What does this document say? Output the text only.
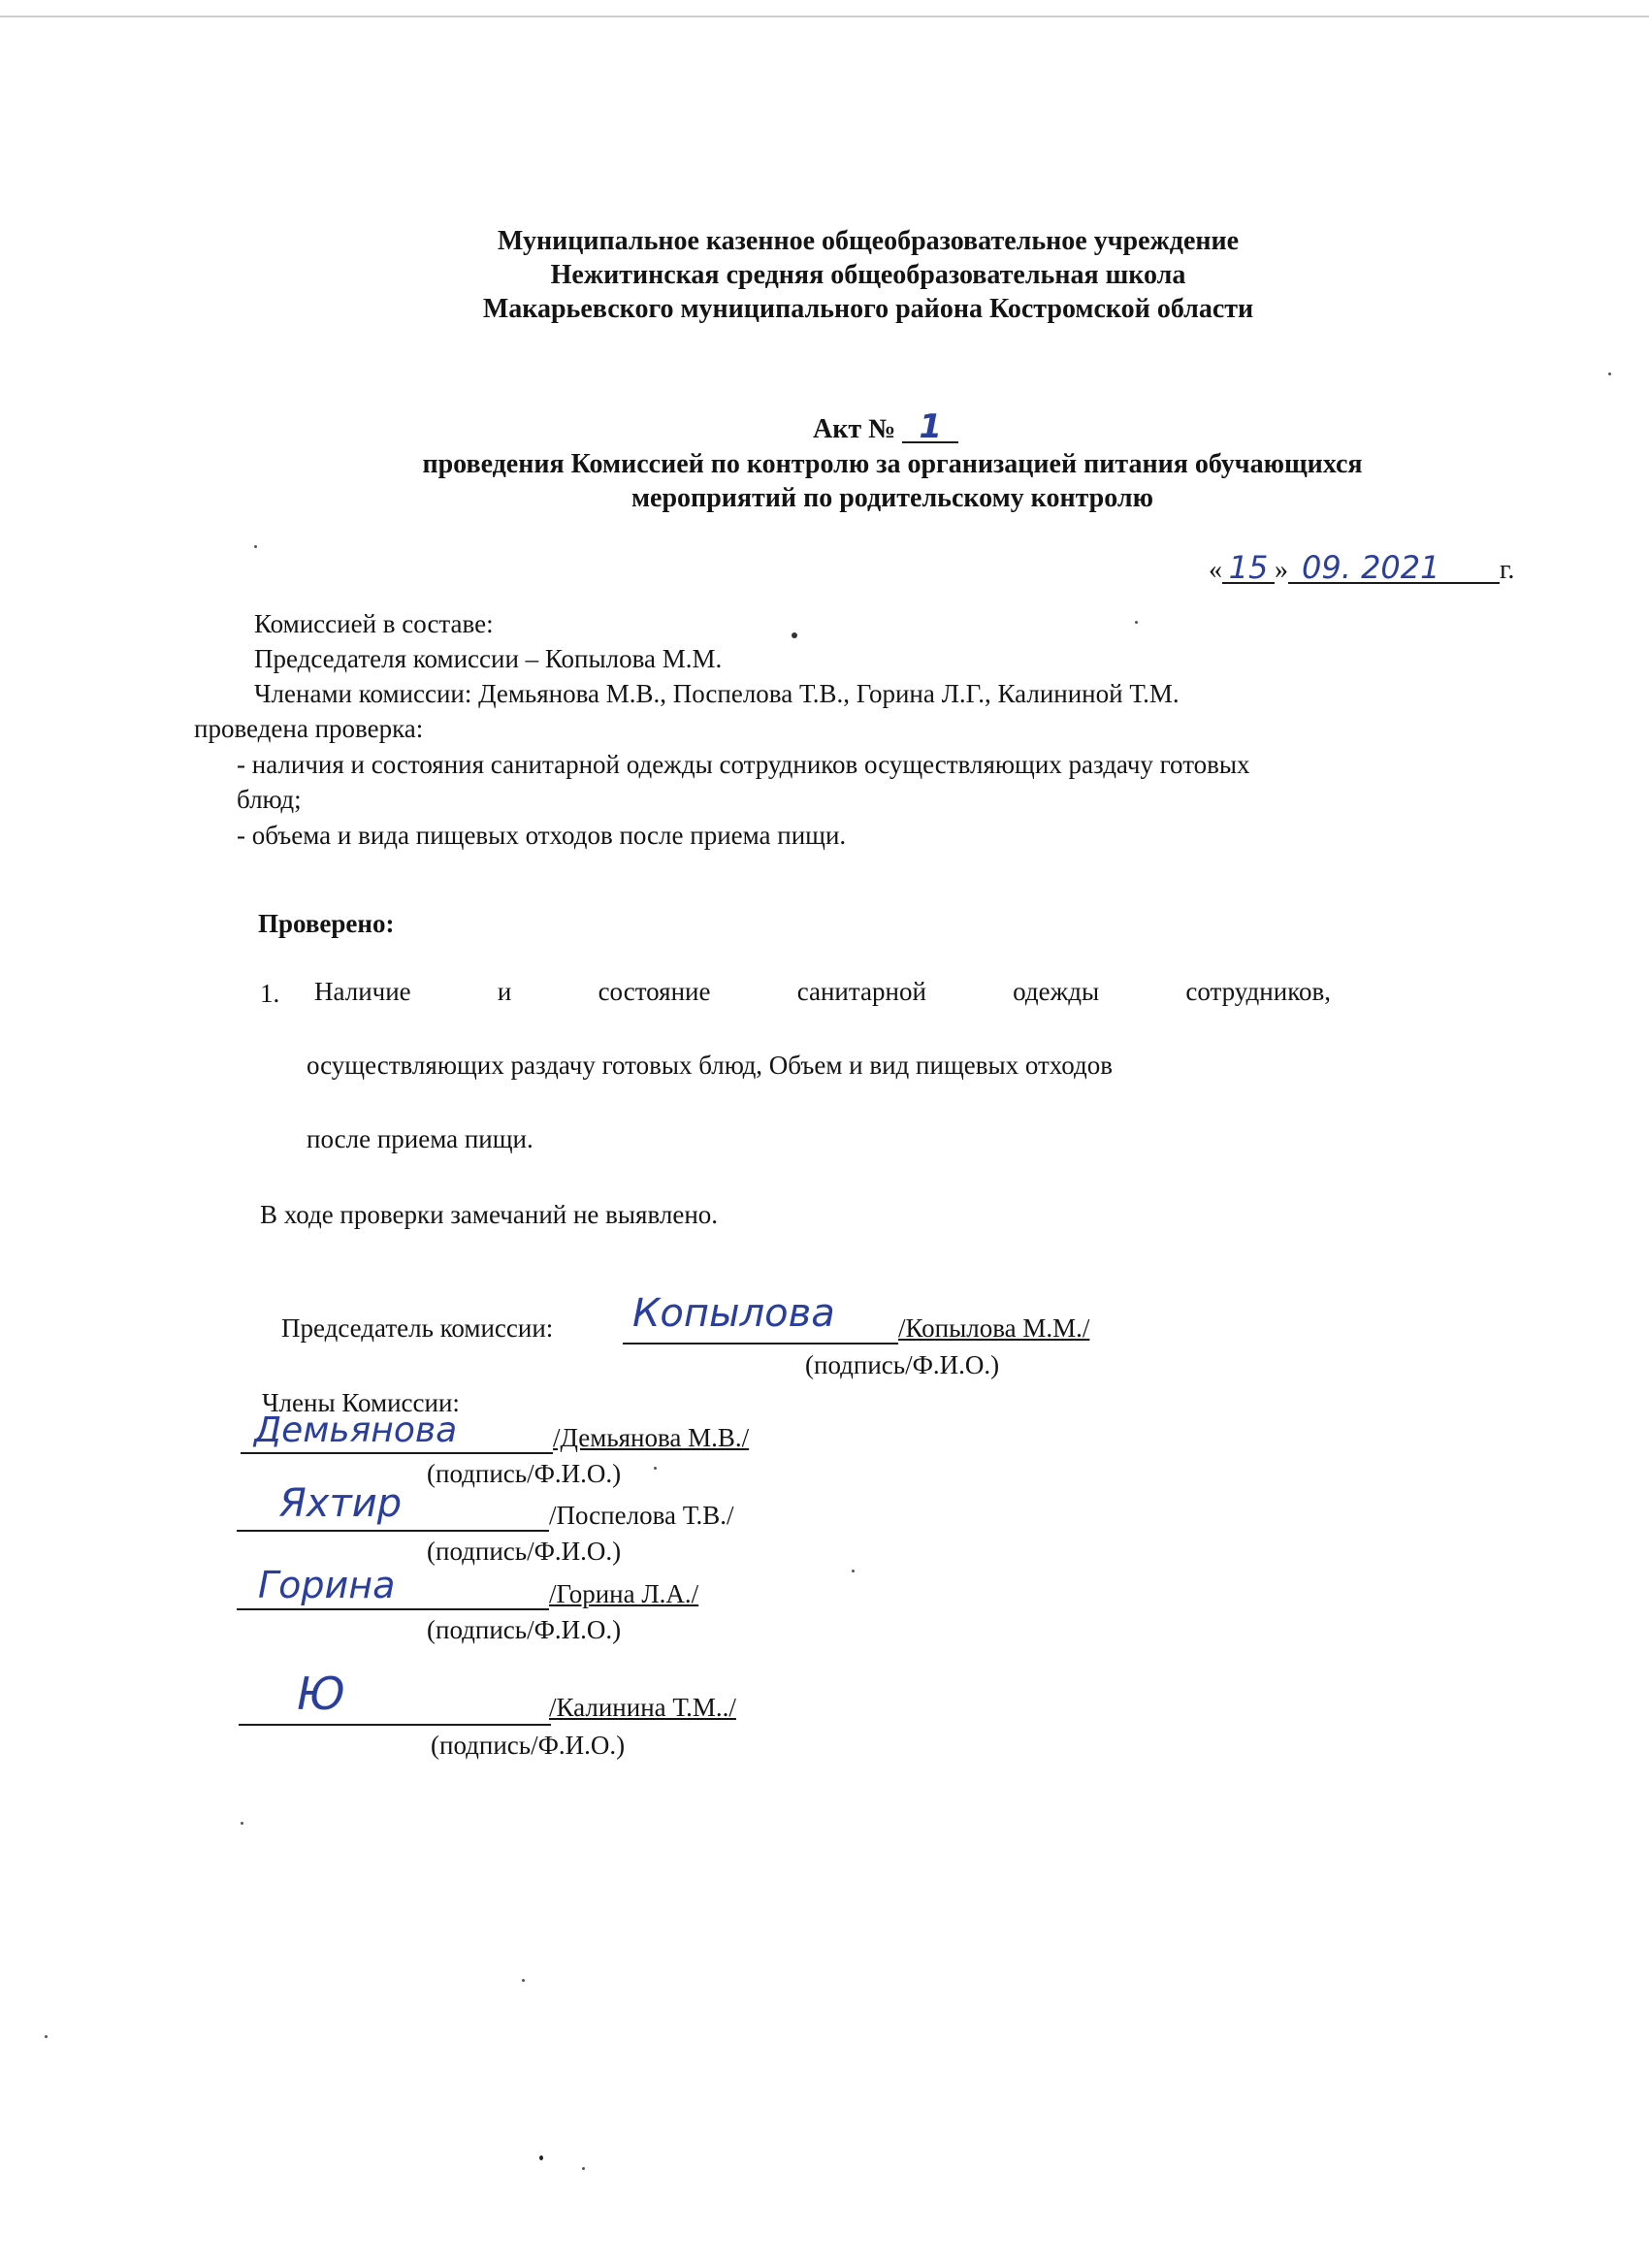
Муниципальное казенное общеобразовательное учреждение
Нежитинская средняя общеобразовательная школа
Макарьевского муниципального района Костромской области
Акт № 1
проведения Комиссией по контролю за организацией питания обучающихся
мероприятий по родительскому контролю
« 15 » 09. 2021 г.
Комиссией в составе:
Председателя комиссии – Копылова М.М.
Членами комиссии: Демьянова М.В., Поспелова Т.В., Горина Л.Г., Калининой Т.М.
проведена проверка:
- наличия и состояния санитарной одежды сотрудников осуществляющих раздачу готовых
блюд;
- объема и вида пищевых отходов после приема пищи.
Проверено:
1. Наличие	и	состояние	санитарной	одежды	сотрудников,
осуществляющих раздачу готовых блюд, Объем и вид пищевых отходов
после приема пищи.
В ходе проверки замечаний не выявлено.
Председатель комиссии: Копылова /Копылова М.М./
(подпись/Ф.И.О.)
Члены Комиссии:
Демьянова	/Демьянова М.В./
(подпись/Ф.И.О.)
Яхтир	/Поспелова Т.В./
(подпись/Ф.И.О.)
Горина	/Горина Л.А./
(подпись/Ф.И.О.)
Ю	/Калинина Т.М../
(подпись/Ф.И.О.)
